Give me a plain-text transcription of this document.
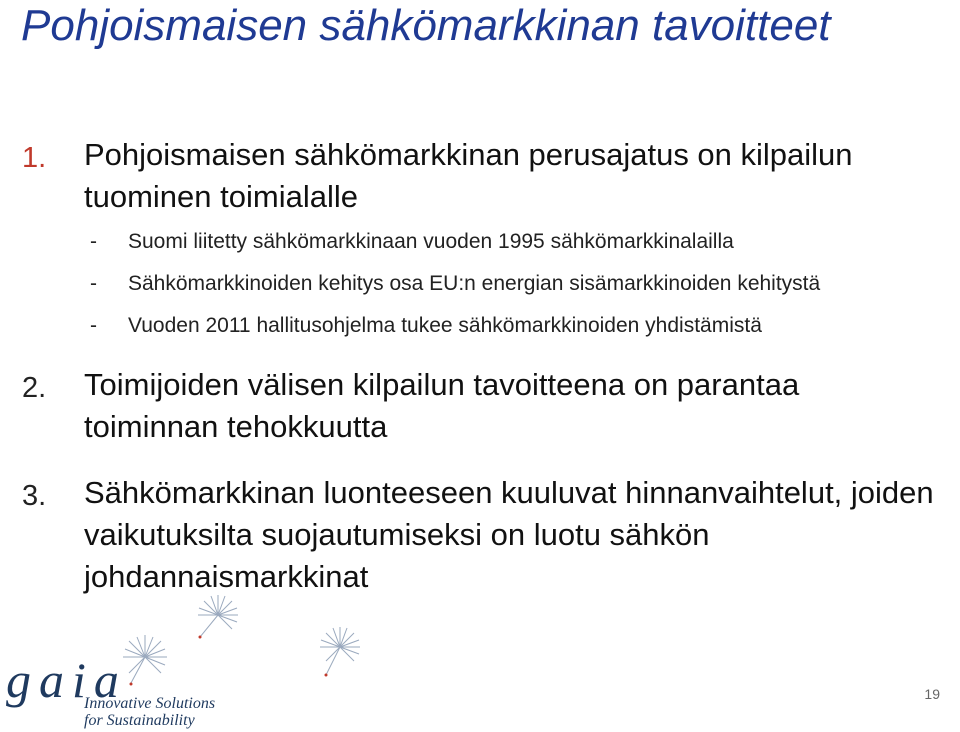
Pohjoismaisen sähkömarkkinan tavoitteet
1.	Pohjoismaisen sähkömarkkinan perusajatus on kilpailun tuominen toimialalle
- Suomi liitetty sähkömarkkinaan vuoden 1995 sähkömarkkinalailla
- Sähkömarkkinoiden kehitys osa EU:n energian sisämarkkinoiden kehitystä
- Vuoden 2011 hallitusohjelma tukee sähkömarkkinoiden yhdistämistä
2.	Toimijoiden välisen kilpailun tavoitteena on parantaa toiminnan tehokkuutta
3.	Sähkömarkkinan luonteeseen kuuluvat hinnanvaihtelut, joiden vaikutuksilta suojautumiseksi on luotu sähkön johdannaismarkkinat
gaia
Innovative Solutions
for Sustainability
19
